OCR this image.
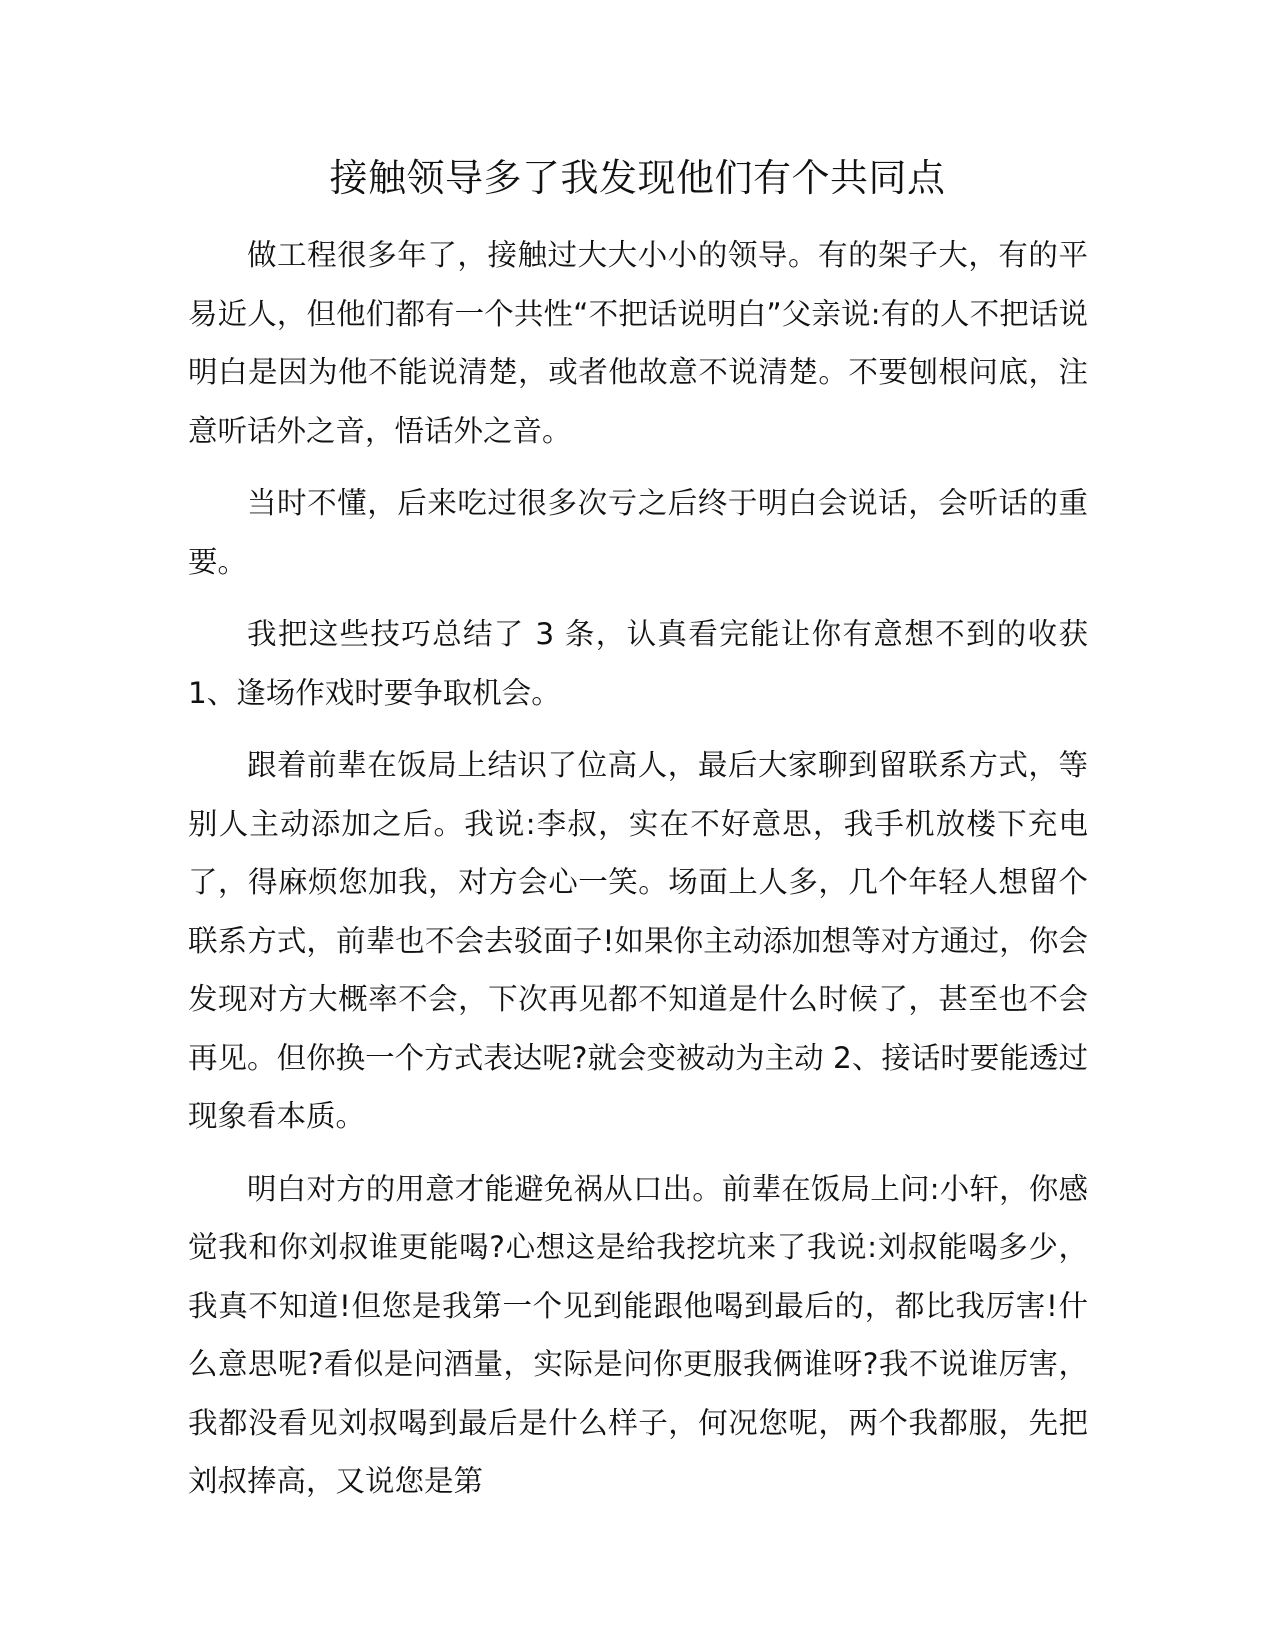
接触领导多了我发现他们有个共同点

做工程很多年了，接触过大大小小的领导。有的架子大，有的平易近人，但他们都有一个共性“不把话说明白”父亲说:有的人不把话说明白是因为他不能说清楚，或者他故意不说清楚。不要刨根问底，注意听话外之音，悟话外之音。

当时不懂，后来吃过很多次亏之后终于明白会说话，会听话的重要。

我把这些技巧总结了 3 条，认真看完能让你有意想不到的收获 1、逢场作戏时要争取机会。

跟着前辈在饭局上结识了位高人，最后大家聊到留联系方式，等别人主动添加之后。我说:李叔，实在不好意思，我手机放楼下充电了，得麻烦您加我，对方会心一笑。场面上人多，几个年轻人想留个联系方式，前辈也不会去驳面子!如果你主动添加想等对方通过，你会发现对方大概率不会，下次再见都不知道是什么时候了，甚至也不会再见。但你换一个方式表达呢?就会变被动为主动 2、接话时要能透过现象看本质。

明白对方的用意才能避免祸从口出。前辈在饭局上问:小轩，你感觉我和你刘叔谁更能喝?心想这是给我挖坑来了我说:刘叔能喝多少，我真不知道!但您是我第一个见到能跟他喝到最后的，都比我厉害!什么意思呢?看似是问酒量，实际是问你更服我俩谁呀?我不说谁厉害，我都没看见刘叔喝到最后是什么样子，何况您呢，两个我都服，先把刘叔捧高，又说您是第
